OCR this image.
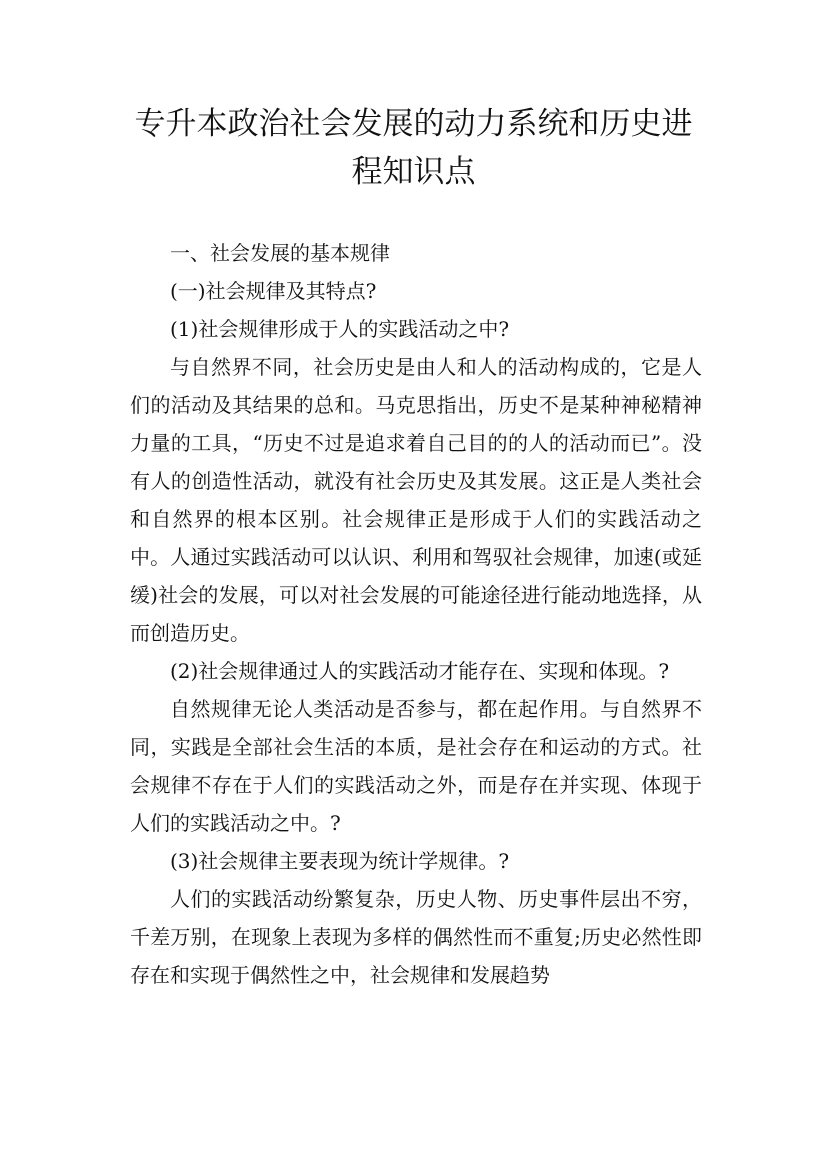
专升本政治社会发展的动力系统和历史进
程知识点

一、社会发展的基本规律

(一)社会规律及其特点?

(1)社会规律形成于人的实践活动之中?

与自然界不同，社会历史是由人和人的活动构成的，它是人们的活动及其结果的总和。马克思指出，历史不是某种神秘精神力量的工具，“历史不过是追求着自己目的的人的活动而已”。没有人的创造性活动，就没有社会历史及其发展。这正是人类社会和自然界的根本区别。社会规律正是形成于人们的实践活动之中。人通过实践活动可以认识、利用和驾驭社会规律，加速(或延缓)社会的发展，可以对社会发展的可能途径进行能动地选择，从而创造历史。

(2)社会规律通过人的实践活动才能存在、实现和体现。?

自然规律无论人类活动是否参与，都在起作用。与自然界不同，实践是全部社会生活的本质，是社会存在和运动的方式。社会规律不存在于人们的实践活动之外，而是存在并实现、体现于人们的实践活动之中。?

(3)社会规律主要表现为统计学规律。?

人们的实践活动纷繁复杂，历史人物、历史事件层出不穷，千差万别，在现象上表现为多样的偶然性而不重复;历史必然性即存在和实现于偶然性之中，社会规律和发展趋势
